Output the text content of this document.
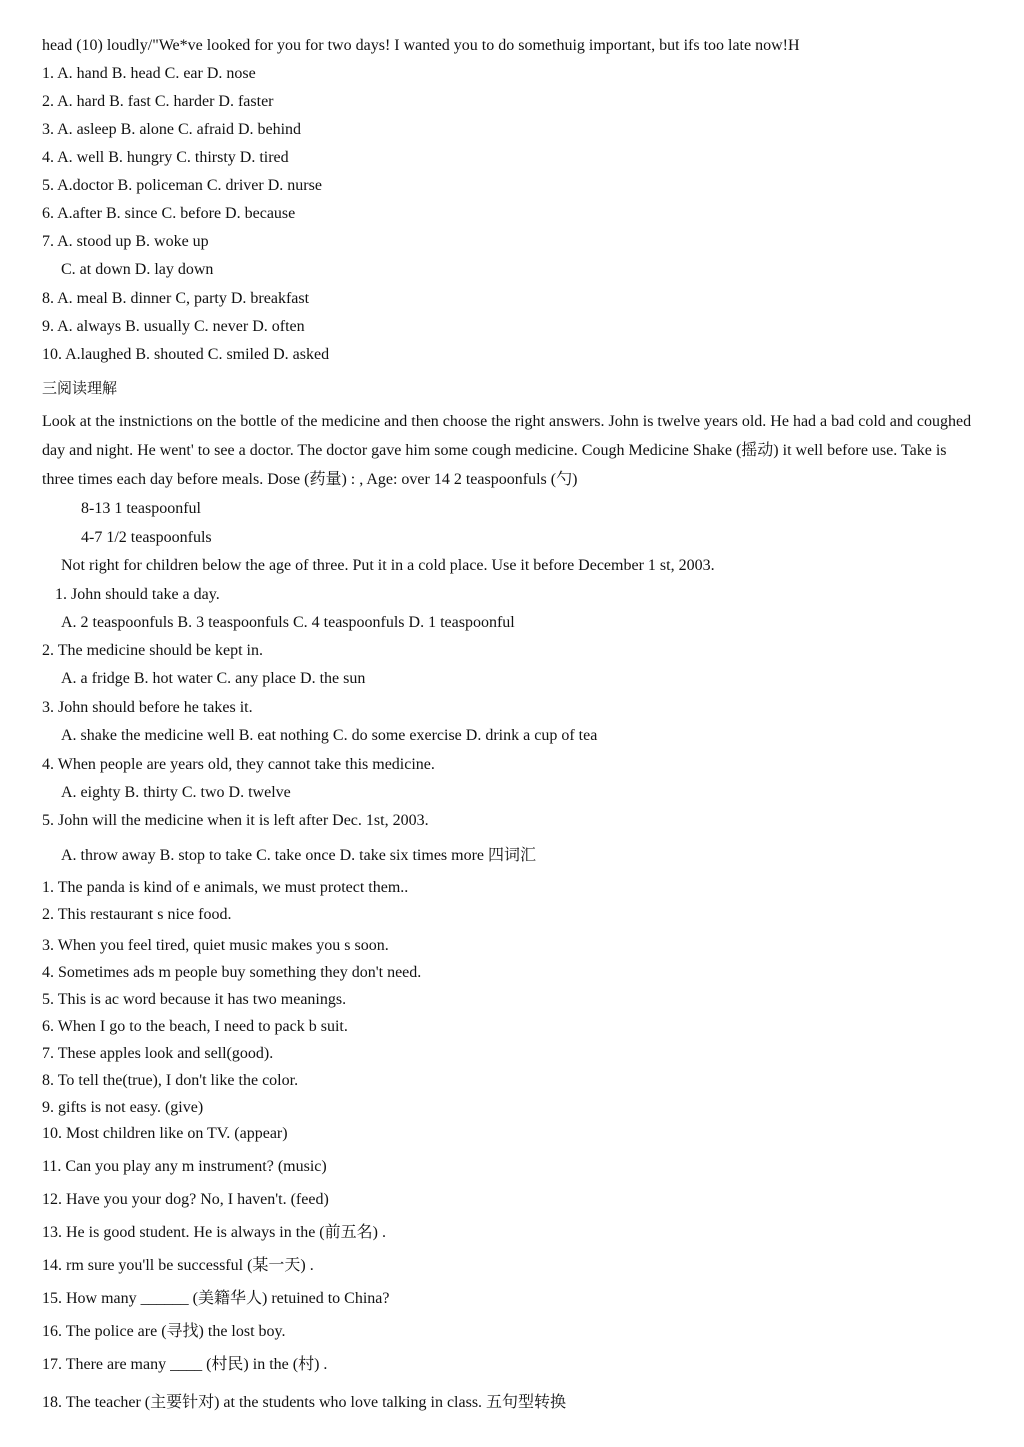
head (10) loudly/"We*ve looked for you for two days! I wanted you to do somethuig important, but ifs too late now!H
1. A. hand B. head C. ear D. nose
2. A. hard B. fast C. harder D. faster
3. A. asleep B. alone C. afraid D. behind
4. A. well B. hungry C. thirsty D. tired
5. A.doctor B. policeman C. driver D. nurse
6. A.after B. since C. before D. because
7. A. stood up B. woke up
C. at down D. lay down
8. A. meal B. dinner C, party D. breakfast
9. A. always B. usually C. never D. often
10. A.laughed B. shouted C. smiled D. asked
三阅读理解
Look at the instnictions on the bottle of the medicine and then choose the right answers. John is twelve years old. He had a bad cold and coughed day and night. He went' to see a doctor. The doctor gave him some cough medicine. Cough Medicine Shake (摇动) it well before use. Take is three times each day before meals. Dose (药量) : , Age: over 14 2 teaspoonfuls (勺)
8-13 1 teaspoonful
4-7 1/2 teaspoonfuls
Not right for children below the age of three. Put it in a cold place. Use it before December 1 st, 2003.
1. John should take a day.
A. 2 teaspoonfuls B. 3 teaspoonfuls C. 4 teaspoonfuls D. 1 teaspoonful
2. The medicine should be kept in.
A. a fridge B. hot water C. any place D. the sun
3. John should before he takes it.
A. shake the medicine well B. eat nothing C. do some exercise D. drink a cup of tea
4. When people are years old, they cannot take this medicine.
A. eighty B. thirty C. two D. twelve
5. John will the medicine when it is left after Dec. 1st, 2003.
A. throw away B. stop to take C. take once D. take six times more 四词汇
1. The panda is kind of e animals, we must protect them..
2. This restaurant s nice food.
3. When you feel tired, quiet music makes you s soon.
4. Sometimes ads m people buy something they don't need.
5. This is ac word because it has two meanings.
6. When I go to the beach, I need to pack b suit.
7. These apples look and sell(good).
8. To tell the(true), I don't like the color.
9. gifts is not easy. (give)
10. Most children like on TV. (appear)
11. Can you play any m instrument? (music)
12. Have you your dog? No, I haven't. (feed)
13. He is good student. He is always in the (前五名) .
14. rm sure you'll be successful (某一天) .
15. How many ______ (美籍华人) retuined to China?
16. The police are (寻找) the lost boy.
17. There are many ____ (村民) in the (村) .
18. The teacher (主要针对) at the students who love talking in class. 五句型转换
